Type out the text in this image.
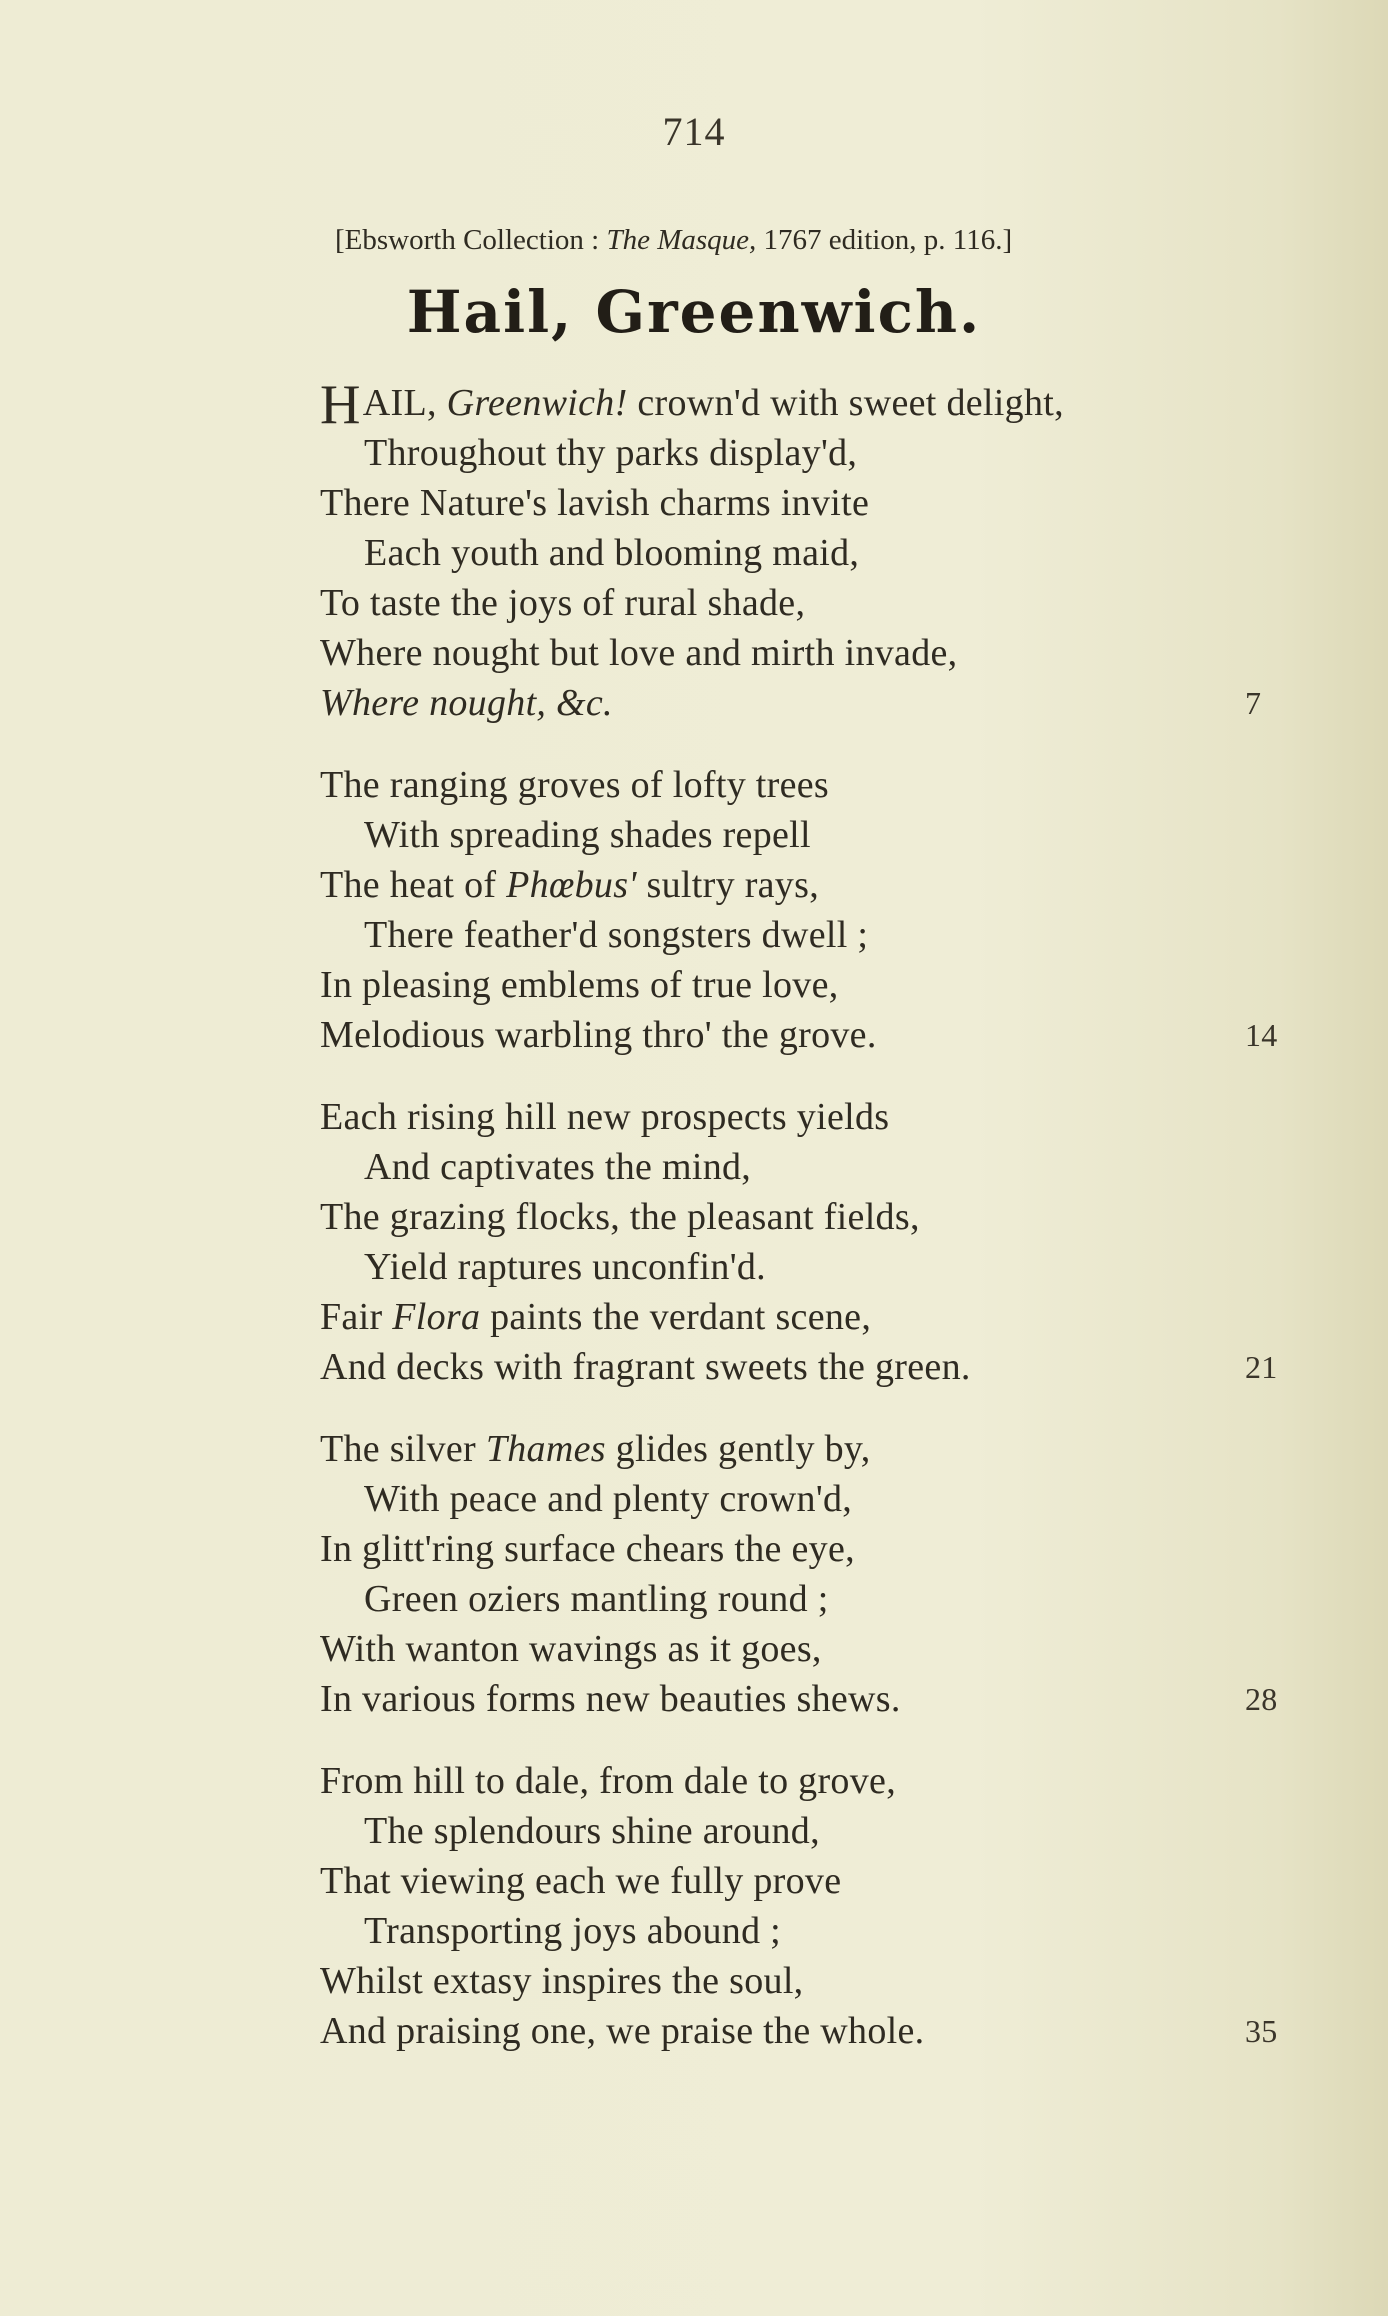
714
[Ebsworth Collection : The Masque, 1767 edition, p. 116.]
Hail, Greenwich.
HAIL, Greenwich! crown'd with sweet delight,
Throughout thy parks display'd,
There Nature's lavish charms invite
Each youth and blooming maid,
To taste the joys of rural shade,
Where nought but love and mirth invade,
Where nought, &c.	7
The ranging groves of lofty trees
With spreading shades repell
The heat of Phœbus' sultry rays,
There feather'd songsters dwell ;
In pleasing emblems of true love,
Melodious warbling thro' the grove.	14
Each rising hill new prospects yields
And captivates the mind,
The grazing flocks, the pleasant fields,
Yield raptures unconfin'd.
Fair Flora paints the verdant scene,
And decks with fragrant sweets the green.	21
The silver Thames glides gently by,
With peace and plenty crown'd,
In glitt'ring surface chears the eye,
Green oziers mantling round ;
With wanton wavings as it goes,
In various forms new beauties shews.	28
From hill to dale, from dale to grove,
The splendours shine around,
That viewing each we fully prove
Transporting joys abound ;
Whilst extasy inspires the soul,
And praising one, we praise the whole.	35
